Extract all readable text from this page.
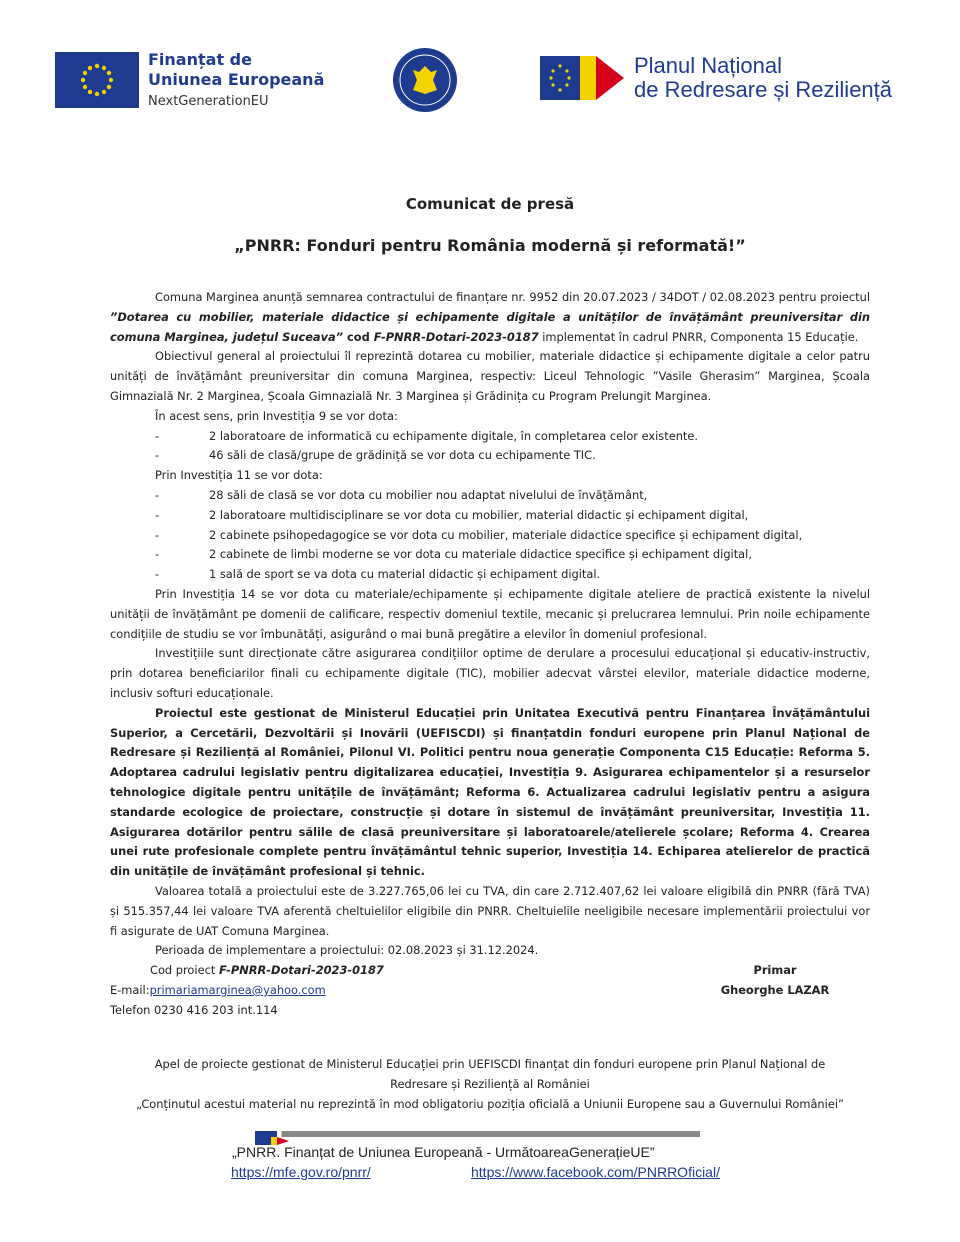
Finanțat de
Uniunea Europeană
NextGenerationEU
Planul Național
de Redresare și Reziliență
Comunicat de presă
„PNRR: Fonduri pentru România modernă și reformată!”

Comuna Marginea anunță semnarea contractului de finanțare nr. 9952 din 20.07.2023 / 34DOT / 02.08.2023 pentru proiectul ”Dotarea cu mobilier, materiale didactice și echipamente digitale a unităților de învățământ preuniversitar din comuna Marginea, județul Suceava” cod F-PNRR-Dotari-2023-0187 implementat în cadrul PNRR, Componenta 15 Educație.

Obiectivul general al proiectului îl reprezintă dotarea cu mobilier, materiale didactice și echipamente digitale a celor patru unități de învățământ preuniversitar din comuna Marginea, respectiv: Liceul Tehnologic ”Vasile Gherasim” Marginea, Școala Gimnazială Nr. 2 Marginea, Școala Gimnazială Nr. 3 Marginea și Grădinița cu Program Prelungit Marginea.

În acest sens, prin Investiția 9 se vor dota:

-	2 laboratoare de informatică cu echipamente digitale, în completarea celor existente.
-	46 săli de clasă/grupe de grădiniță se vor dota cu echipamente TIC.

Prin Investiția 11 se vor dota:

-	28 săli de clasă se vor dota cu mobilier nou adaptat nivelului de învățământ,
-	2 laboratoare multidisciplinare se vor dota cu mobilier, material didactic și echipament digital,
-	2 cabinete psihopedagogice se vor dota cu mobilier, materiale didactice specifice și echipament digital,
-	2 cabinete de limbi moderne se vor dota cu materiale didactice specifice și echipament digital,
-	1 sală de sport se va dota cu material didactic și echipament digital.

Prin Investiția 14 se vor dota cu materiale/echipamente și echipamente digitale ateliere de practică existente la nivelul unității de învățământ pe domenii de calificare, respectiv domeniul textile, mecanic și prelucrarea lemnului. Prin noile echipamente condițiile de studiu se vor îmbunătăți, asigurând o mai bună pregătire a elevilor în domeniul profesional.

Investițiile sunt direcționate către asigurarea condițiilor optime de derulare a procesului educațional și educativ-instructiv, prin dotarea beneficiarilor finali cu echipamente digitale (TIC), mobilier adecvat vârstei elevilor, materiale didactice moderne, inclusiv softuri educaționale.

Proiectul este gestionat de Ministerul Educației prin Unitatea Executivă pentru Finanțarea Învățământului Superior, a Cercetării, Dezvoltării și Inovării (UEFISCDI) și finanțatdin fonduri europene prin Planul Național de Redresare și Reziliență al României, Pilonul VI. Politici pentru noua generație Componenta C15 Educație: Reforma 5. Adoptarea cadrului legislativ pentru digitalizarea educației, Investiția 9. Asigurarea echipamentelor și a resurselor tehnologice digitale pentru unitățile de învățământ; Reforma 6. Actualizarea cadrului legislativ pentru a asigura standarde ecologice de proiectare, construcție și dotare în sistemul de învățământ preuniversitar, Investiția 11. Asigurarea dotărilor pentru sălile de clasă preuniversitare și laboratoarele/atelierele școlare; Reforma 4. Crearea unei rute profesionale complete pentru învățământul tehnic superior, Investiția 14. Echiparea atelierelor de practică din unitățile de învățământ profesional și tehnic.

Valoarea totală a proiectului este de 3.227.765,06 lei cu TVA, din care 2.712.407,62 lei valoare eligibilă din PNRR (fără TVA) și 515.357,44 lei valoare TVA aferentă cheltuielilor eligibile din PNRR. Cheltuielile neeligibile necesare implementării proiectului vor fi asigurate de UAT Comuna Marginea.

Perioada de implementare a proiectului: 02.08.2023 și 31.12.2024.

Cod proiect F-PNRR-Dotari-2023-0187	Primar
Gheorghe LAZAR
E-mail:primariamarginea@yahoo.com
Telefon 0230 416 203 int.114
Apel de proiecte gestionat de Ministerul Educației prin UEFISCDI finanțat din fonduri europene prin Planul Național de
Redresare și Reziliență al României
„Conținutul acestui material nu reprezintă în mod obligatoriu poziția oficială a Uniunii Europene sau a Guvernului României”
„PNRR. Finanțat de Uniunea Europeană - UrmătoareaGenerațieUE”
https://mfe.gov.ro/pnrr/	https://www.facebook.com/PNRROficial/
